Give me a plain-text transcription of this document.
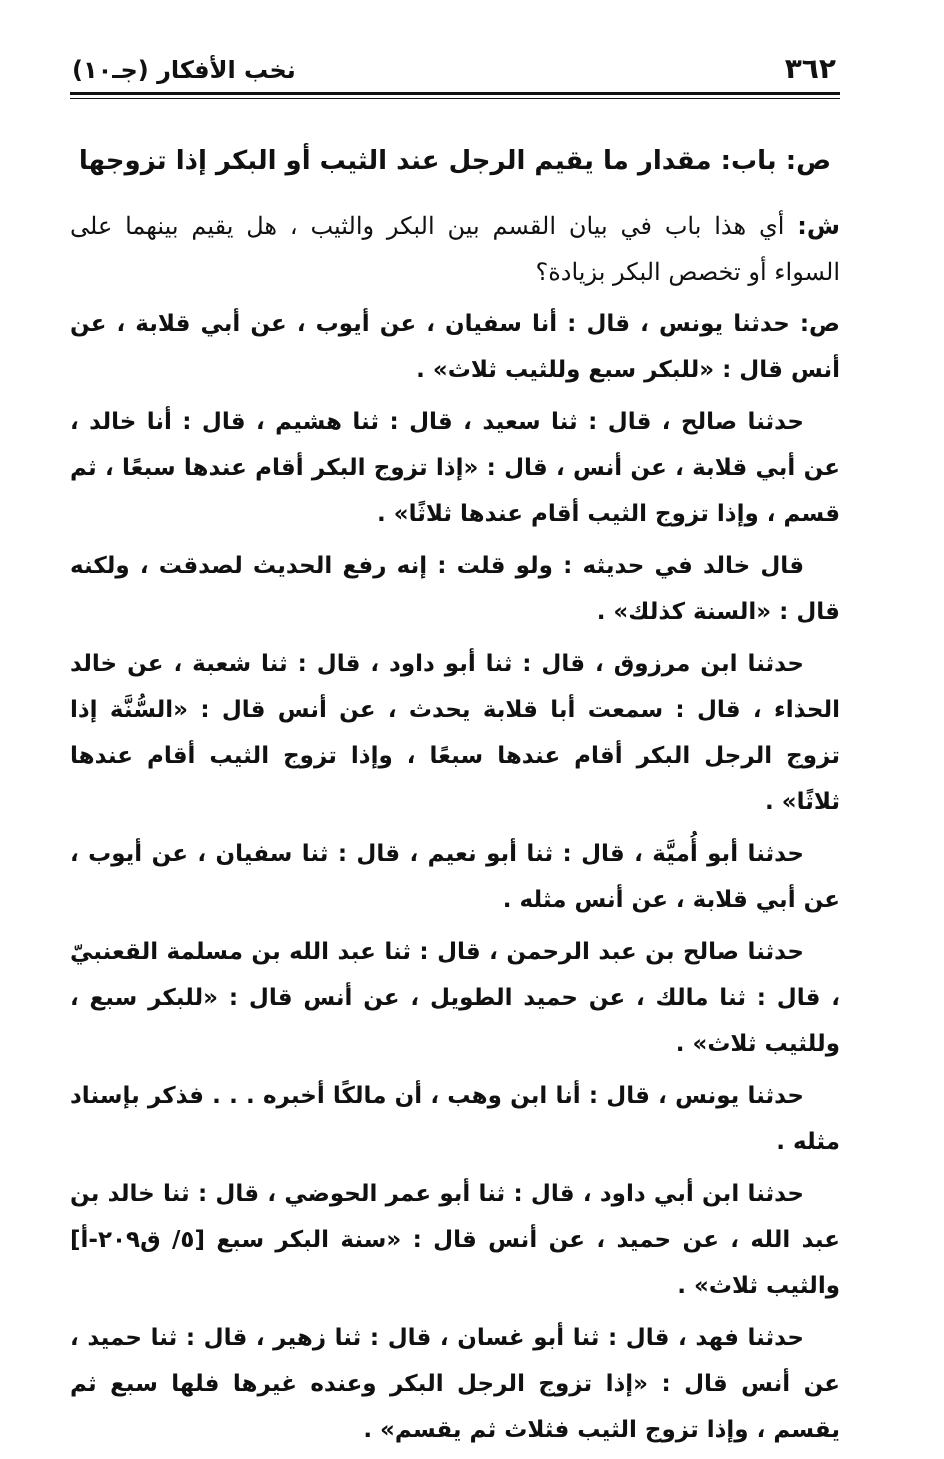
٣٦٢
نخب الأفكار (جـ١٠)
ص: باب: مقدار ما يقيم الرجل عند الثيب أو البكر إذا تزوجها

ش: أي هذا باب في بيان القسم بين البكر والثيب ، هل يقيم بينهما على السواء أو تخصص البكر بزيادة؟

ص: حدثنا يونس ، قال : أنا سفيان ، عن أيوب ، عن أبي قلابة ، عن أنس قال : «للبكر سبع وللثيب ثلاث» .

حدثنا صالح ، قال : ثنا سعيد ، قال : ثنا هشيم ، قال : أنا خالد ، عن أبي قلابة ، عن أنس ، قال : «إذا تزوج البكر أقام عندها سبعًا ، ثم قسم ، وإذا تزوج الثيب أقام عندها ثلاثًا» .

قال خالد في حديثه : ولو قلت : إنه رفع الحديث لصدقت ، ولكنه قال : «السنة كذلك» .

حدثنا ابن مرزوق ، قال : ثنا أبو داود ، قال : ثنا شعبة ، عن خالد الحذاء ، قال : سمعت أبا قلابة يحدث ، عن أنس قال : «السُّنَّة إذا تزوج الرجل البكر أقام عندها سبعًا ، وإذا تزوج الثيب أقام عندها ثلاثًا» .

حدثنا أبو أُميَّة ، قال : ثنا أبو نعيم ، قال : ثنا سفيان ، عن أيوب ، عن أبي قلابة ، عن أنس مثله .

حدثنا صالح بن عبد الرحمن ، قال : ثنا عبد الله بن مسلمة القعنبيّ ، قال : ثنا مالك ، عن حميد الطويل ، عن أنس قال : «للبكر سبع ، وللثيب ثلاث» .

حدثنا يونس ، قال : أنا ابن وهب ، أن مالكًا أخبره . . . فذكر بإسناد مثله .

حدثنا ابن أبي داود ، قال : ثنا أبو عمر الحوضي ، قال : ثنا خالد بن عبد الله ، عن حميد ، عن أنس قال : «سنة البكر سبع [٥/ ق٢٠٩-أ] والثيب ثلاث» .

حدثنا فهد ، قال : ثنا أبو غسان ، قال : ثنا زهير ، قال : ثنا حميد ، عن أنس قال : «إذا تزوج الرجل البكر وعنده غيرها فلها سبع ثم يقسم ، وإذا تزوج الثيب فثلاث ثم يقسم» .
